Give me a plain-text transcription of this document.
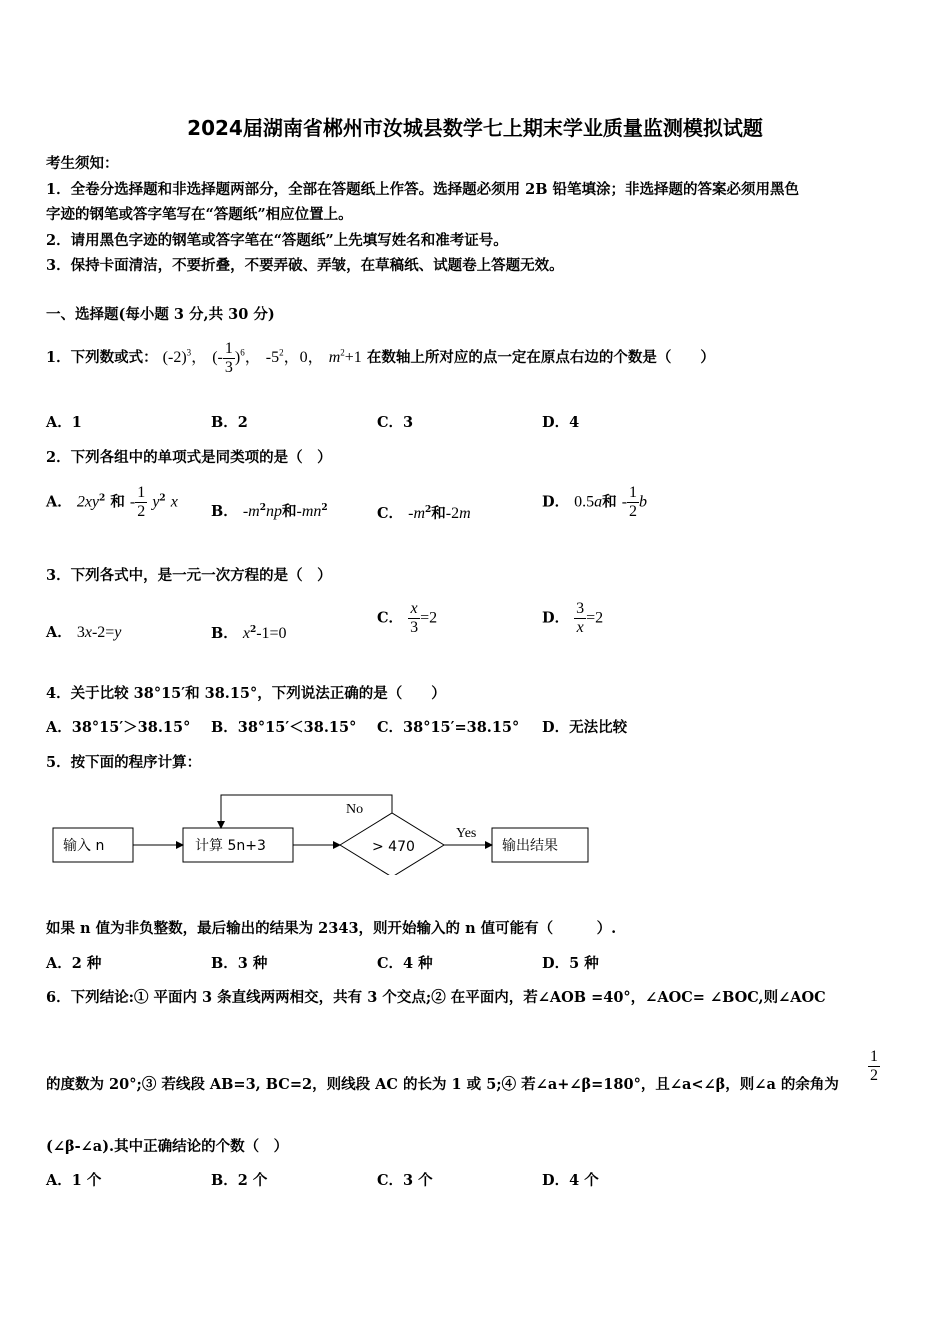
2024届湖南省郴州市汝城县数学七上期末学业质量监测模拟试题
考生须知：
1．全卷分选择题和非选择题两部分，全部在答题纸上作答。选择题必须用 2B 铅笔填涂；非选择题的答案必须用黑色
字迹的钢笔或答字笔写在“答题纸”相应位置上。
2．请用黑色字迹的钢笔或答字笔在“答题纸”上先填写姓名和准考证号。
3．保持卡面清洁，不要折叠，不要弄破、弄皱，在草稿纸、试题卷上答题无效。
一、选择题(每小题 3 分,共 30 分)
1．下列数或式： $(-2)^3$， (- $\frac{1}{3} )^6$， $-5^2$，0， $m^2+1$ 在数轴上所对应的点一定在原点右边的个数是（　　）
A．1	B．2	C．3	D．4
2．下列各组中的单项式是同类项的是（　）
A． $2xy^2$ 和 - $\frac{1}{2} y^2$ x
B． $-m^2np$和$-mn^2$	C． $-m^2$和-2m
D． 0.5a和 - $\frac{1}{2}$ b
3．下列各式中，是一元一次方程的是（　）
A． 3x-2=y	B． $x^2-1=0$
C． $\frac{x}{3} =2$	D． $\frac{3}{x} =2$
4．关于比较 38°15′和 38.15°，下列说法正确的是（　　）
A．38°15′＞38.15° B．38°15′＜38.15° C．38°15′=38.15° D．无法比较
5．按下面的程序计算：
输入 n	计算 5n+3	> 470
No
Yes
输出结果
如果 n 值为非负整数，最后输出的结果为 2343，则开始输入的 n 值可能有（　　　）.
A．2 种	B．3 种	C．4 种	D．5 种
6．下列结论:① 平面内 3 条直线两两相交，共有 3 个交点;② 在平面内，若∠AOB =40°，∠AOC= ∠BOC,则∠AOC
的度数为 20°;③ 若线段 AB=3, BC=2，则线段 AC 的长为 1 或 5;④ 若∠a+∠β=180°，且∠a<∠β，则∠a 的余角为 $\frac{1}{2}$
(∠β-∠a).其中正确结论的个数（　）
A．1 个	B．2 个	C．3 个	D．4 个
